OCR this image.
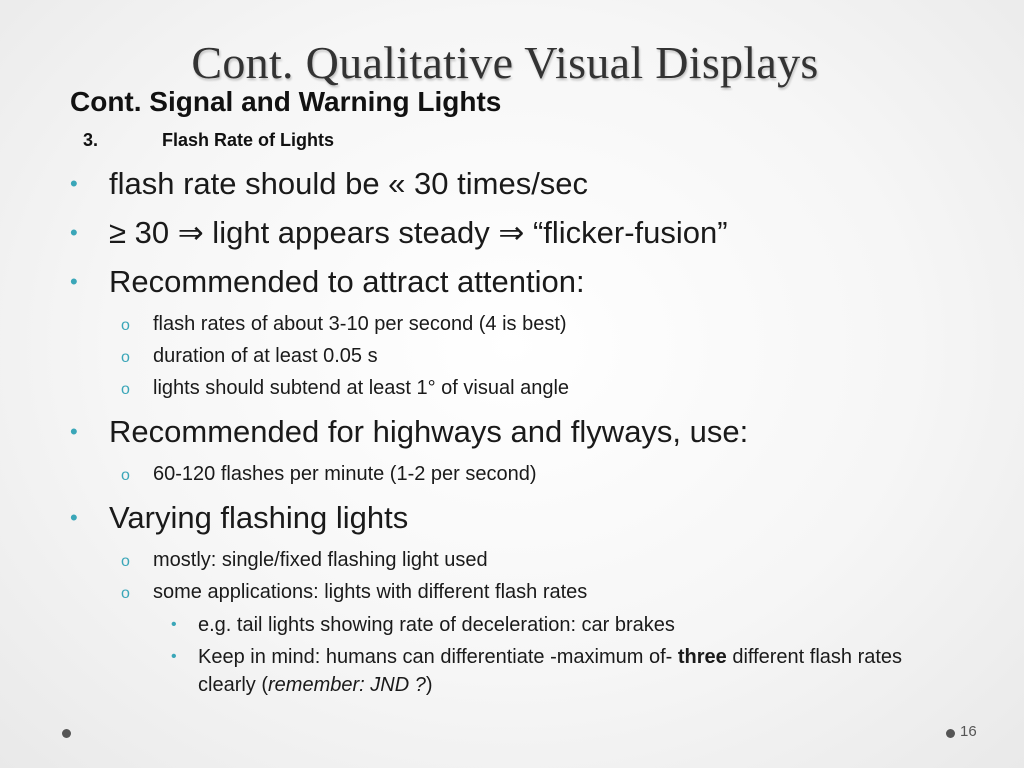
Cont. Qualitative Visual Displays
Cont. Signal and Warning Lights
3.	Flash Rate of Lights
• flash rate should be « 30 times/sec
• ≥ 30 ⇒ light appears steady ⇒ “flicker-fusion”
• Recommended to attract attention:
o flash rates of about 3-10 per second (4 is best)
o duration of at least 0.05 s
o lights should subtend at least 1° of visual angle
• Recommended for highways and flyways, use:
o 60-120 flashes per minute (1-2 per second)
• Varying flashing lights
o mostly: single/fixed flashing light used
o some applications: lights with different flash rates
• e.g. tail lights showing rate of deceleration: car brakes
• Keep in mind: humans can differentiate -maximum of- three different flash rates clearly (remember: JND ?)
16
